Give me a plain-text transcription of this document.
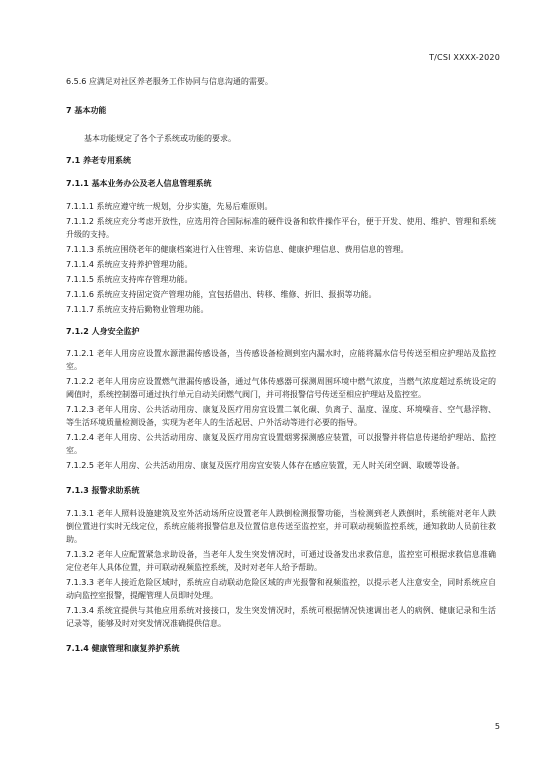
T/CSI XXXX-2020

6.5.6 应满足对社区养老服务工作协同与信息沟通的需要。

7 基本功能

基本功能规定了各个子系统或功能的要求。

7.1 养老专用系统

7.1.1 基本业务办公及老人信息管理系统

7.1.1.1 系统应遵守统一规划，分步实施，先易后难原则。

7.1.1.2 系统应充分考虑开放性，应选用符合国际标准的硬件设备和软件操作平台，便于开发、使用、维护、管理和系统升级的支持。

7.1.1.3 系统应围绕老年的健康档案进行入住管理、来访信息、健康护理信息、费用信息的管理。

7.1.1.4 系统应支持养护管理功能。

7.1.1.5 系统应支持库存管理功能。

7.1.1.6 系统应支持固定资产管理功能，宜包括借出、转移、维修、折旧、报损等功能。

7.1.1.7 系统应支持后勤物业管理功能。

7.1.2 人身安全监护

7.1.2.1 老年人用房应设置水源泄漏传感设备，当传感设备检测到室内漏水时，应能将漏水信号传送至相应护理站及监控室。

7.1.2.2 老年人用房应设置燃气泄漏传感设备，通过气体传感器可探测周围环境中燃气浓度，当燃气浓度超过系统设定的阈值时，系统控制器可通过执行单元自动关闭燃气阀门，并可将报警信号传送至相应护理站及监控室。

7.1.2.3 老年人用房、公共活动用房、康复及医疗用房宜设置二氧化碳、负离子、温度、湿度、环境噪音、空气悬浮物、等生活环境质量检测设备，实现为老年人的生活起居、户外活动等进行必要的指导。

7.1.2.4 老年人用房、公共活动用房、康复及医疗用房宜设置烟雾探测感应装置，可以报警并将信息传递给护理站、监控室。

7.1.2.5 老年人用房、公共活动用房、康复及医疗用房宜安装人体存在感应装置，无人时关闭空调、取暖等设备。

7.1.3 报警求助系统

7.1.3.1 老年人照料设施建筑及室外活动场所应设置老年人跌倒检测报警功能，当检测到老人跌倒时，系统能对老年人跌倒位置进行实时无线定位，系统应能将报警信息及位置信息传送至监控室，并可联动视频监控系统，通知救助人员前往救助。

7.1.3.2 老年人应配置紧急求助设备，当老年人发生突发情况时，可通过设备发出求救信息，监控室可根据求救信息准确定位老年人具体位置，并可联动视频监控系统，及时对老年人给予帮助。

7.1.3.3 老年人接近危险区域时，系统应自动联动危险区域的声光报警和视频监控，以提示老人注意安全，同时系统应自动向监控室报警，提醒管理人员即时处理。

7.1.3.4 系统宜提供与其他应用系统对接接口，发生突发情况时，系统可根据情况快速调出老人的病例、健康记录和生活记录等，能够及时对突发情况准确提供信息。

7.1.4 健康管理和康复养护系统

5
